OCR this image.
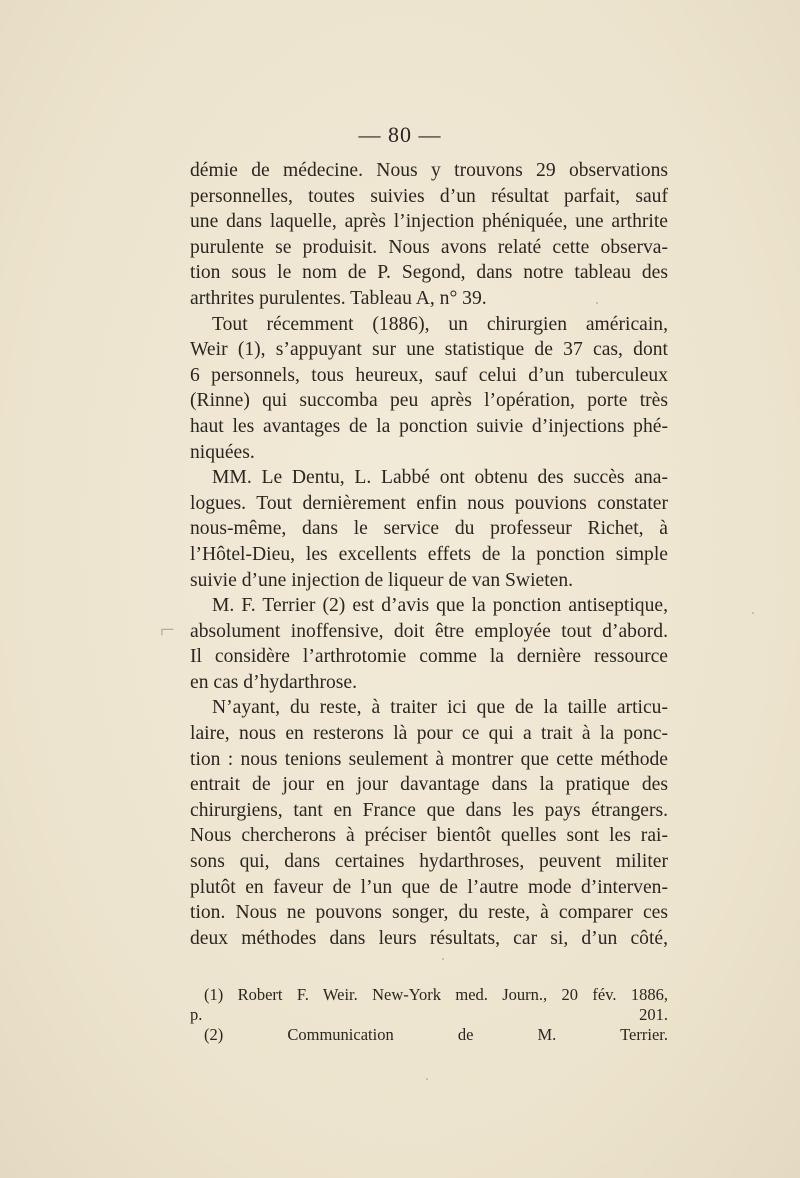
— 80 —
démie de médecine. Nous y trouvons 29 observations
personnelles, toutes suivies d’un résultat parfait, sauf
une dans laquelle, après l’injection phéniquée, une arthrite
purulente se produisit. Nous avons relaté cette observa-
tion sous le nom de P. Segond, dans notre tableau des
arthrites purulentes. Tableau A, n° 39.
Tout récemment (1886), un chirurgien américain,
Weir (1), s’appuyant sur une statistique de 37 cas, dont
6 personnels, tous heureux, sauf celui d’un tuberculeux
(Rinne) qui succomba peu après l’opération, porte très
haut les avantages de la ponction suivie d’injections phé-
niquées.
MM. Le Dentu, L. Labbé ont obtenu des succès ana-
logues. Tout dernièrement enfin nous pouvions constater
nous-même, dans le service du professeur Richet, à
l’Hôtel-Dieu, les excellents effets de la ponction simple
suivie d’une injection de liqueur de van Swieten.
M. F. Terrier (2) est d’avis que la ponction antiseptique,
absolument inoffensive, doit être employée tout d’abord.
Il considère l’arthrotomie comme la dernière ressource
en cas d’hydarthrose.
N’ayant, du reste, à traiter ici que de la taille articu-
laire, nous en resterons là pour ce qui a trait à la ponc-
tion : nous tenions seulement à montrer que cette méthode
entrait de jour en jour davantage dans la pratique des
chirurgiens, tant en France que dans les pays étrangers.
Nous chercherons à préciser bientôt quelles sont les rai-
sons qui, dans certaines hydarthroses, peuvent militer
plutôt en faveur de l’un que de l’autre mode d’interven-
tion. Nous ne pouvons songer, du reste, à comparer ces
deux méthodes dans leurs résultats, car si, d’un côté,
(1) Robert F. Weir. New-York med. Journ., 20 fév. 1886,
p. 201.
(2) Communication de M. Terrier.
⌐
